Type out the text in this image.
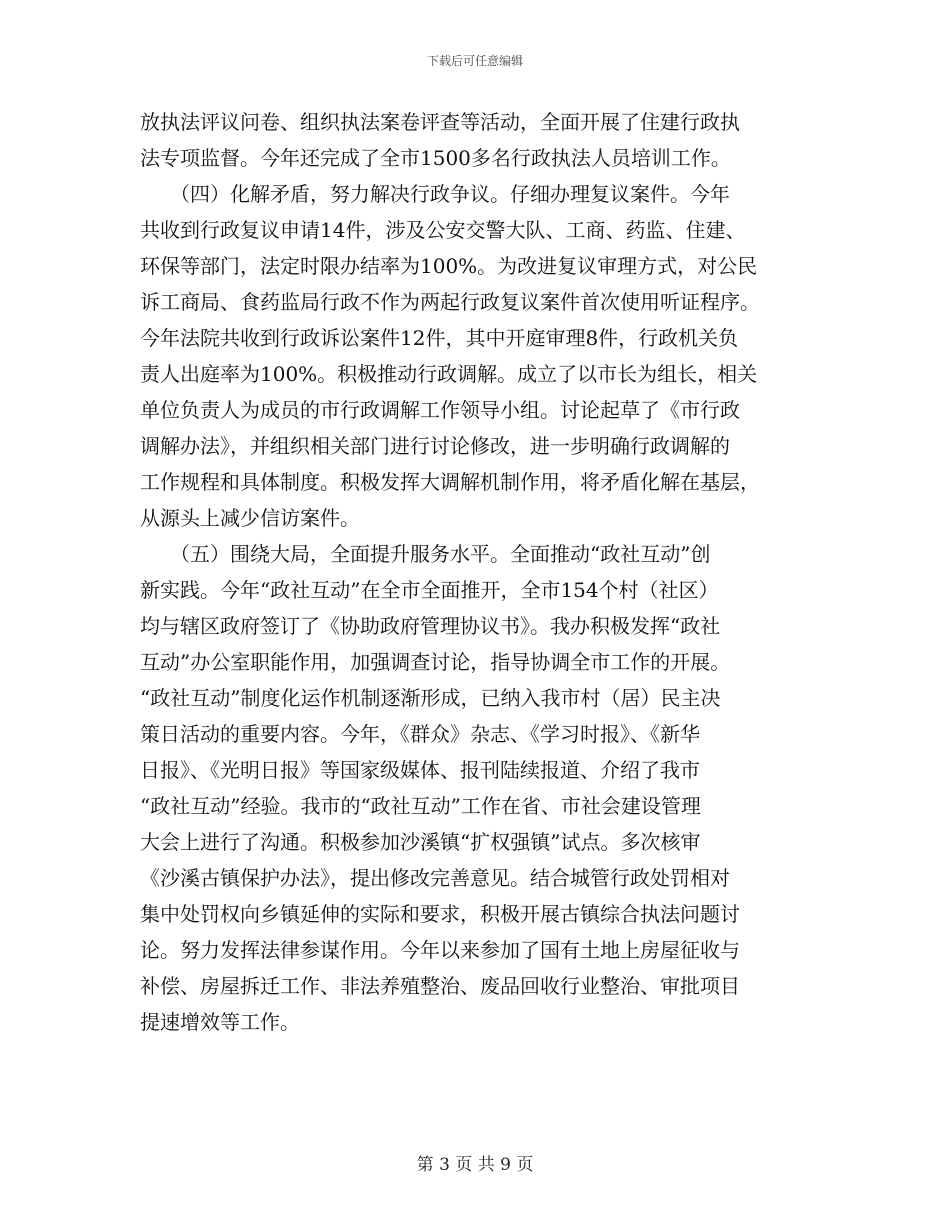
下载后可任意编辑
放执法评议问卷、组织执法案卷评查等活动，全面开展了住建行政执
法专项监督。今年还完成了全市1500多名行政执法人员培训工作。
　　（四）化解矛盾，努力解决行政争议。仔细办理复议案件。今年
共收到行政复议申请14件，涉及公安交警大队、工商、药监、住建、
环保等部门，法定时限办结率为100%。为改进复议审理方式，对公民
诉工商局、食药监局行政不作为两起行政复议案件首次使用听证程序。
今年法院共收到行政诉讼案件12件，其中开庭审理8件，行政机关负
责人出庭率为100%。积极推动行政调解。成立了以市长为组长，相关
单位负责人为成员的市行政调解工作领导小组。讨论起草了《市行政
调解办法》，并组织相关部门进行讨论修改，进一步明确行政调解的
工作规程和具体制度。积极发挥大调解机制作用，将矛盾化解在基层，
从源头上减少信访案件。
　　（五）围绕大局，全面提升服务水平。全面推动“政社互动”创
新实践。今年“政社互动”在全市全面推开，全市154个村（社区）
均与辖区政府签订了《协助政府管理协议书》。我办积极发挥“政社
互动”办公室职能作用，加强调查讨论，指导协调全市工作的开展。
“政社互动”制度化运作机制逐渐形成，已纳入我市村（居）民主决
策日活动的重要内容。今年，《群众》杂志、《学习时报》、《新华
日报》、《光明日报》等国家级媒体、报刊陆续报道、介绍了我市
“政社互动”经验。我市的“政社互动”工作在省、市社会建设管理
大会上进行了沟通。积极参加沙溪镇“扩权强镇”试点。多次核审
《沙溪古镇保护办法》，提出修改完善意见。结合城管行政处罚相对
集中处罚权向乡镇延伸的实际和要求，积极开展古镇综合执法问题讨
论。努力发挥法律参谋作用。今年以来参加了国有土地上房屋征收与
补偿、房屋拆迁工作、非法养殖整治、废品回收行业整治、审批项目
提速增效等工作。
第 3 页 共 9 页
